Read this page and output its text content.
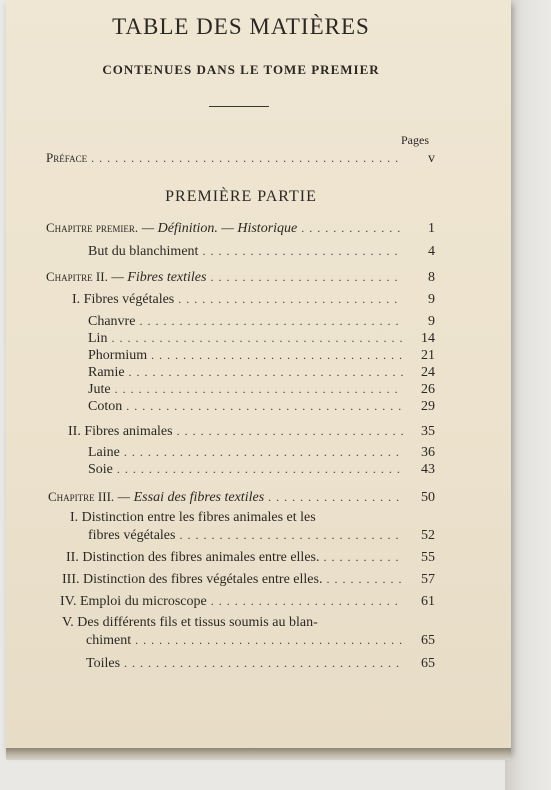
TABLE DES MATIÈRES
CONTENUES DANS LE TOME PREMIER
Pages
Préface . . .	v
PREMIÈRE PARTIE
Chapitre premier. — Définition. — Historique . . .	1
But du blanchiment . . .	4
Chapitre II. — Fibres textiles . . .	8
I. Fibres végétales . . .	9
Chanvre . . .	9
Lin . . .	14
Phormium . . .	21
Ramie . . .	24
Jute . . .	26
Coton . . .	29
II. Fibres animales . . .	35
Laine . . .	36
Soie . . .	43
Chapitre III. — Essai des fibres textiles . . .	50
I. Distinction entre les fibres animales et les
fibres végétales . . .	52
II. Distinction des fibres animales entre elles. . . .	55
III. Distinction des fibres végétales entre elles. . . .	57
IV. Emploi du microscope . . .	61
V. Des différents fils et tissus soumis au blan-
chiment . . .	65
Toiles . . .	65
